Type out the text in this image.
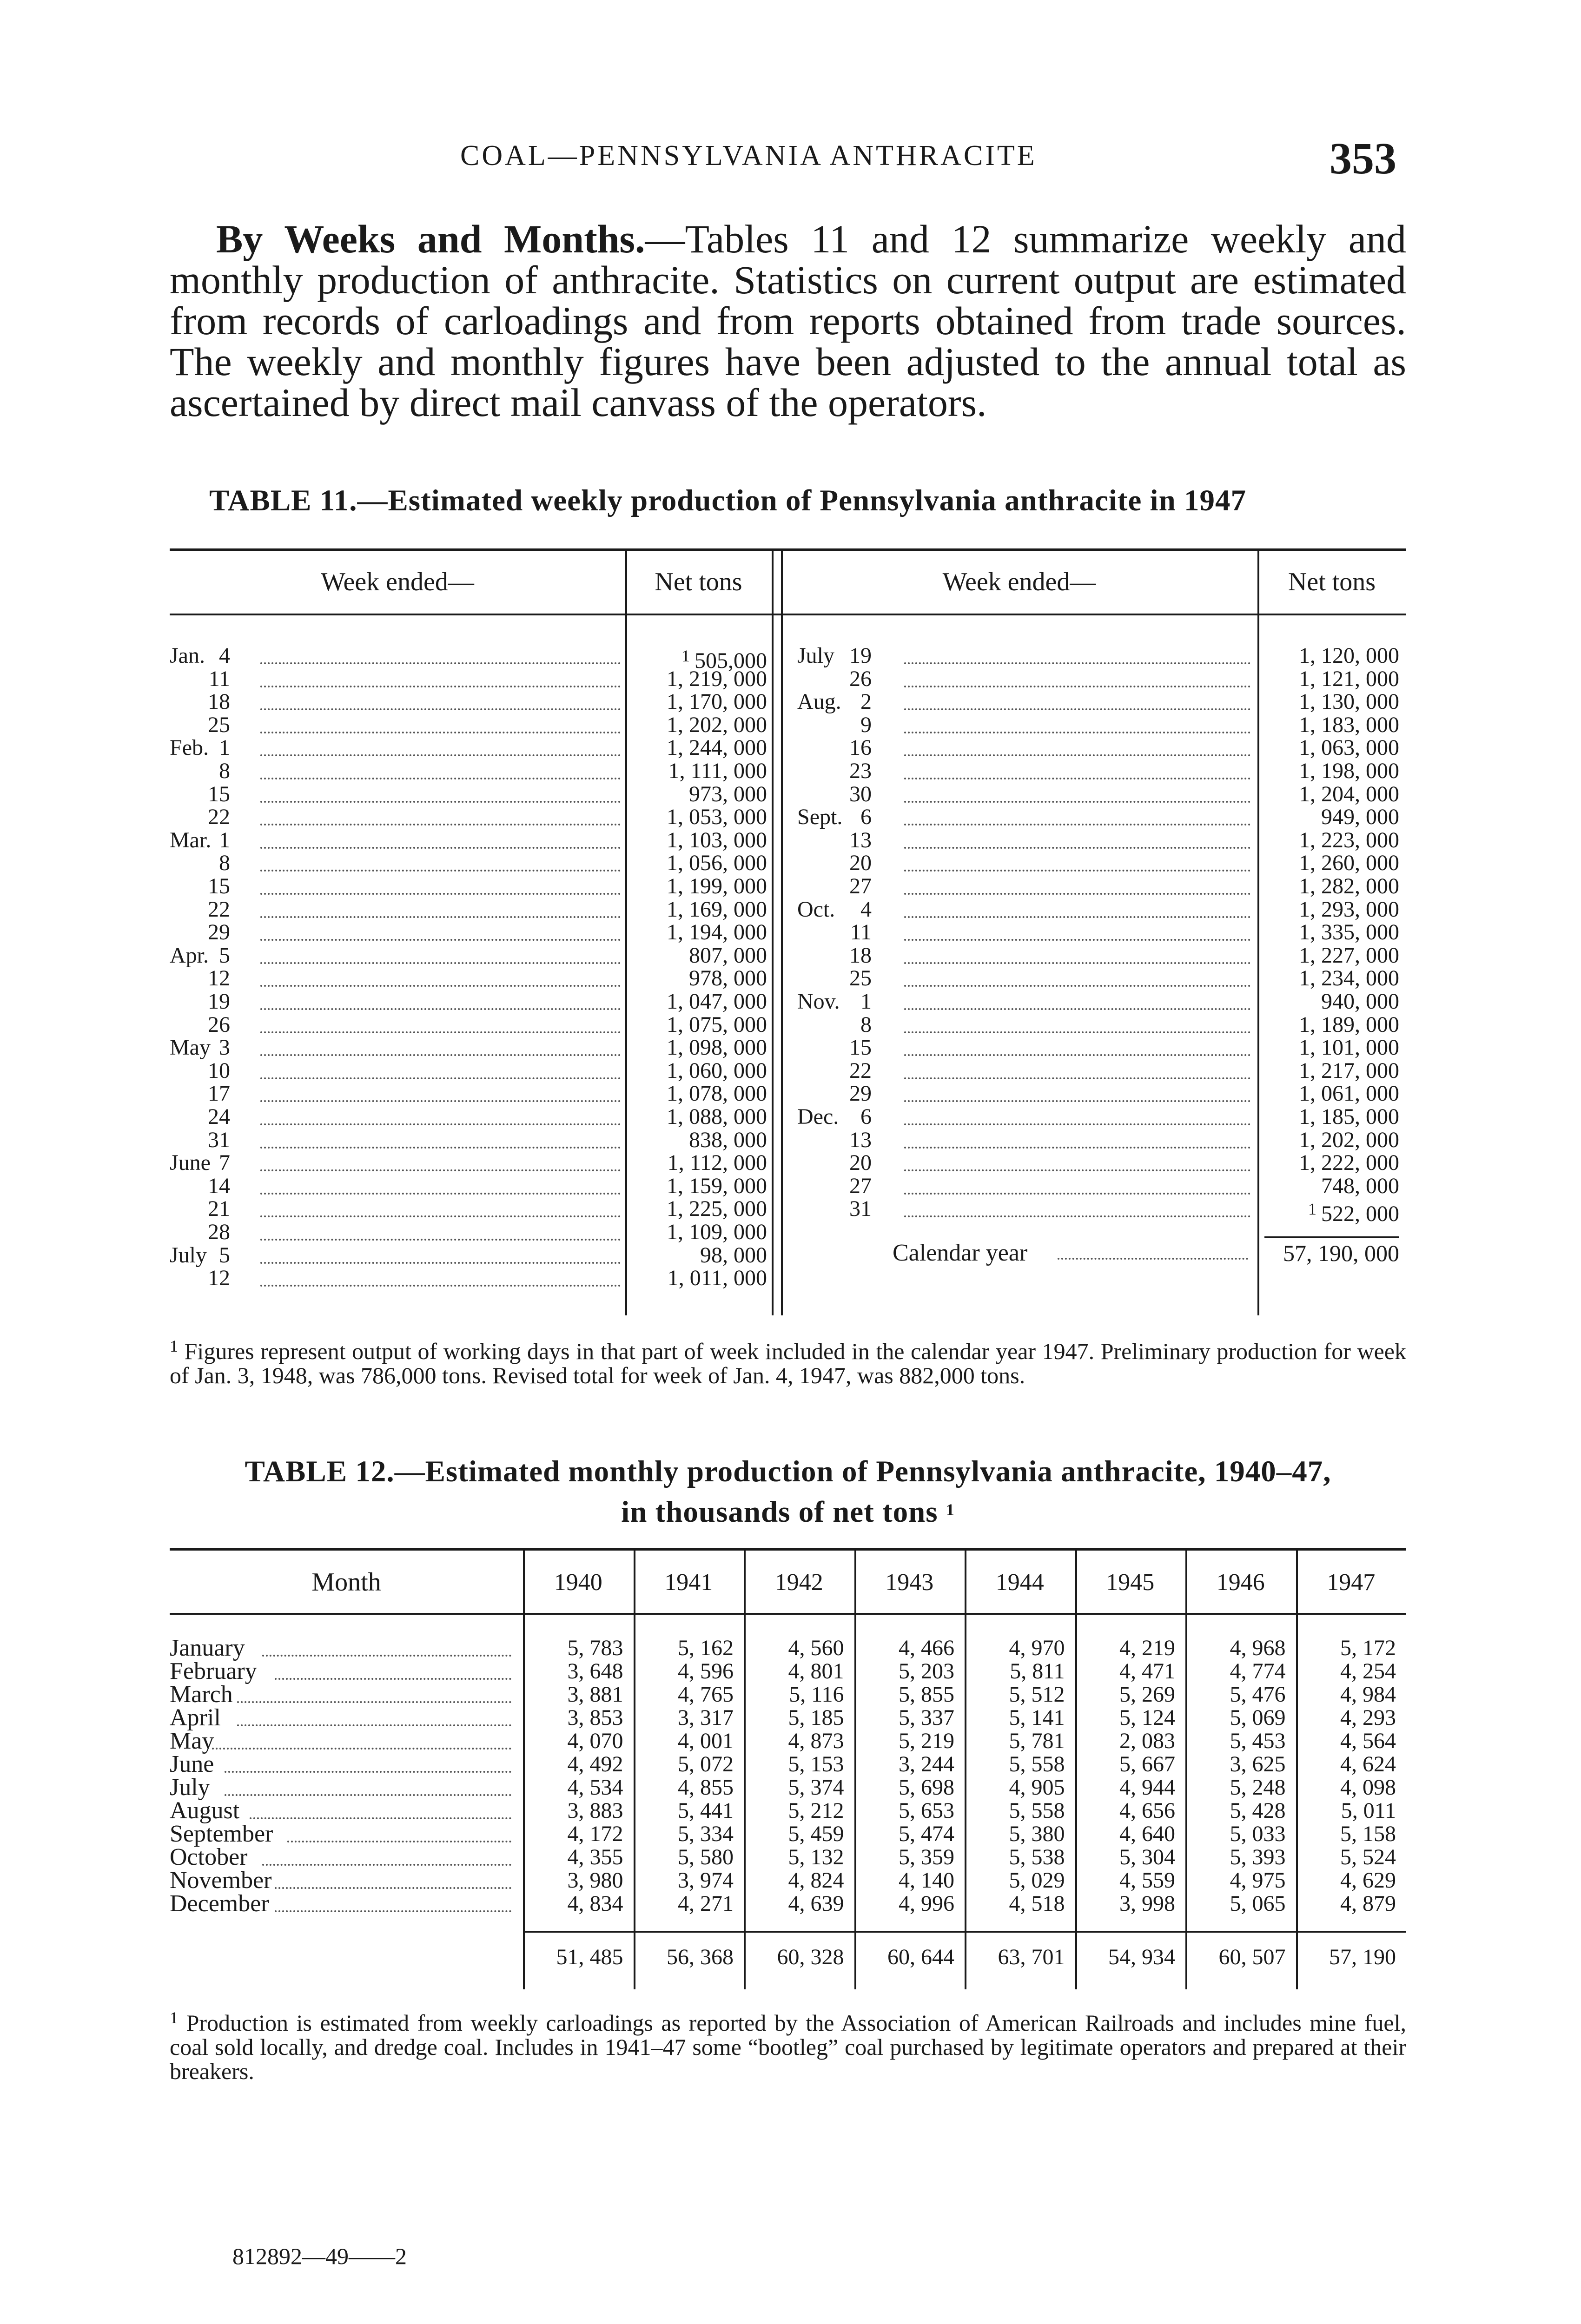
COAL—PENNSYLVANIA ANTHRACITE	353
By Weeks and Months.—Tables 11 and 12 summarize weekly and monthly production of anthracite. Statistics on current output are estimated from records of carloadings and from reports obtained from trade sources. The weekly and monthly figures have been adjusted to the annual total as ascertained by direct mail canvass of the operators.
TABLE 11.—Estimated weekly production of Pennsylvania anthracite in 1947
Week ended—	Net tons	Week ended—	Net tons
Jan. 4	$^1$ 505,000
11	1, 219, 000
18	1, 170, 000
25	1, 202, 000
Feb. 1	1, 244, 000
8	1, 111, 000
15	973, 000
22	1, 053, 000
Mar. 1	1, 103, 000
8	1, 056, 000
15	1, 199, 000
22	1, 169, 000
29	1, 194, 000
Apr. 5	807, 000
12	978, 000
19	1, 047, 000
26	1, 075, 000
May 3	1, 098, 000
10	1, 060, 000
17	1, 078, 000
24	1, 088, 000
31	838, 000
June 7	1, 112, 000
14	1, 159, 000
21	1, 225, 000
28	1, 109, 000
July 5	98, 000
12	1, 011, 000
July 19	1, 120, 000
26	1, 121, 000
Aug. 2	1, 130, 000
9	1, 183, 000
16	1, 063, 000
23	1, 198, 000
30	1, 204, 000
Sept. 6	949, 000
13	1, 223, 000
20	1, 260, 000
27	1, 282, 000
Oct.	4	1, 293, 000
11	1, 335, 000
18	1, 227, 000
25	1, 234, 000
Nov. 1	940, 000
8	1, 189, 000
15	1, 101, 000
22	1, 217, 000
29	1, 061, 000
Dec. 6	1, 185, 000
13	1, 202, 000
20	1, 222, 000
27	748, 000
31	$^1$ 522, 000
Calendar year	57, 190, 000
$^1$ Figures represent output of working days in that part of week included in the calendar year 1947. Preliminary production for week of Jan. 3, 1948, was 786,000 tons. Revised total for week of Jan. 4, 1947, was 882,000 tons.
TABLE 12.—Estimated monthly production of Pennsylvania anthracite, 1940–47,
in thousands of net tons $^1$
Month	1940	1941	1942	1943	1944	1945	1946	1947
January	5, 783	5, 162	4, 560	4, 466	4, 970	4, 219	4, 968	5, 172
February	3, 648	4, 596	4, 801	5, 203	5, 811	4, 471	4, 774	4, 254
March	3, 881	4, 765	5, 116	5, 855	5, 512	5, 269	5, 476	4, 984
April	3, 853	3, 317	5, 185	5, 337	5, 141	5, 124	5, 069	4, 293
May	4, 070	4, 001	4, 873	5, 219	5, 781	2, 083	5, 453	4, 564
June	4, 492	5, 072	5, 153	3, 244	5, 558	5, 667	3, 625	4, 624
July	4, 534	4, 855	5, 374	5, 698	4, 905	4, 944	5, 248	4, 098
August	3, 883	5, 441	5, 212	5, 653	5, 558	4, 656	5, 428	5, 011
September	4, 172	5, 334	5, 459	5, 474	5, 380	4, 640	5, 033	5, 158
October	4, 355	5, 580	5, 132	5, 359	5, 538	5, 304	5, 393	5, 524
November	3, 980	3, 974	4, 824	4, 140	5, 029	4, 559	4, 975	4, 629
December	4, 834	4, 271	4, 639	4, 996	4, 518	3, 998	5, 065	4, 879
51, 485	56, 368	60, 328	60, 644	63, 701	54, 934	60, 507	57, 190
$^1$ Production is estimated from weekly carloadings as reported by the Association of American Railroads and includes mine fuel, coal sold locally, and dredge coal. Includes in 1941–47 some “bootleg” coal purchased by legitimate operators and prepared at their breakers.
812892—49——2
